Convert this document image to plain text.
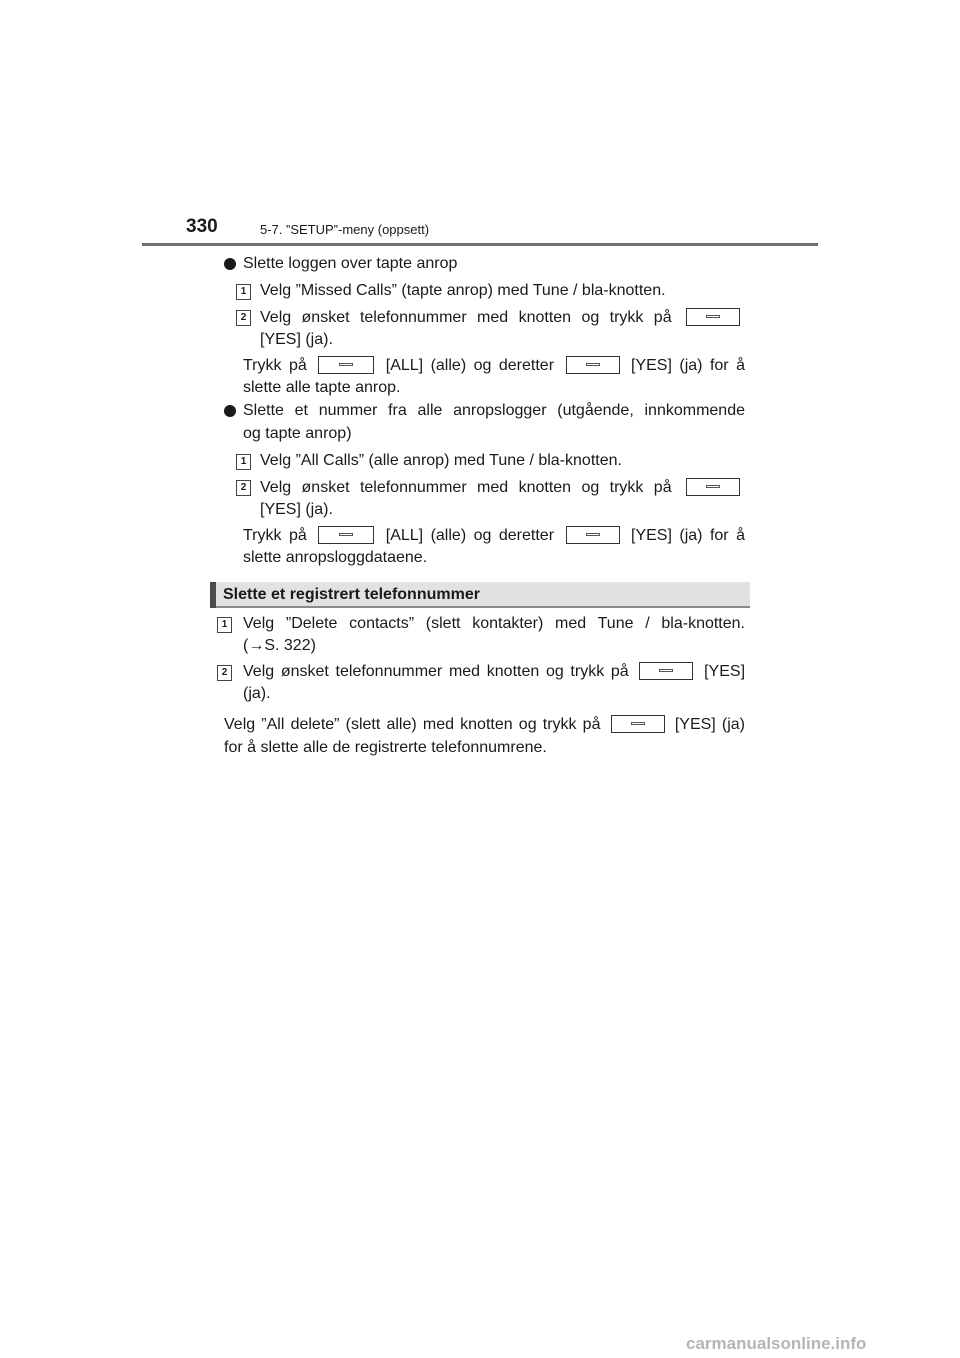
330	5-7. ”SETUP”-meny (oppsett)
Slette loggen over tapte anrop
1 Velg ”Missed Calls” (tapte anrop) med Tune / bla-knotten.
2 Velg ønsket telefonnummer med knotten og trykk på
[YES] (ja).
Trykk på	[ALL] (alle) og deretter	[YES] (ja) for å
slette alle tapte anrop.
Slette et nummer fra alle anropslogger (utgående, innkommende
og tapte anrop)
1 Velg ”All Calls” (alle anrop) med Tune / bla-knotten.
2 Velg ønsket telefonnummer med knotten og trykk på
[YES] (ja).
Trykk på	[ALL] (alle) og deretter	[YES] (ja) for å
slette anropsloggdataene.
Slette et registrert telefonnummer
1 Velg ”Delete contacts” (slett kontakter) med Tune / bla-knotten.
(→S. 322)
2 Velg ønsket telefonnummer med knotten og trykk på	[YES]
(ja).
Velg ”All delete” (slett alle) med knotten og trykk på	[YES] (ja)
for å slette alle de registrerte telefonnumrene.
carmanualsonline.info
